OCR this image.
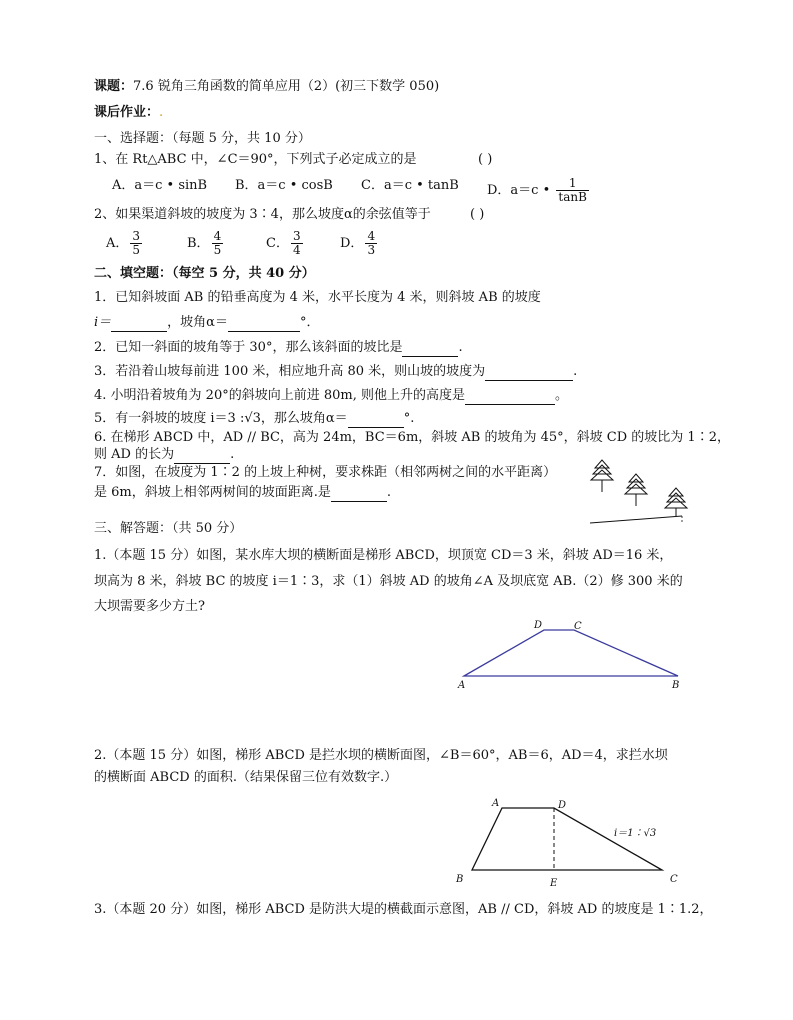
课题：7.6 锐角三角函数的简单应用（2）(初三下数学 050)
课后作业：.
一、选择题：（每题 5 分，共 10 分）
1、在 Rt△ABC 中，∠C＝90°，下列式子必定成立的是	( )
A．a＝c • sinB B．a＝c • cosB C．a＝c • tanB D．a＝c • $\frac{1}{\tan B}$
2、如果渠道斜坡的坡度为 3∶4，那么坡度α的余弦值等于	( )
A． $\frac{3}{5}$	B． $\frac{4}{5}$	C． $\frac{3}{4}$	D． $\frac{4}{3}$
二、填空题：（每空 5 分，共 40 分）
1．已知斜坡面 AB 的铅垂高度为 4 米，水平长度为 4 米，则斜坡 AB 的坡度
i＝	，坡角α＝	°．
2．已知一斜面的坡角等于 30°，那么该斜面的坡比是	.
3．若沿着山坡每前进 100 米，相应地升高 80 米，则山坡的坡度为	.
4. 小明沿着坡角为 20°的斜坡向上前进 80m, 则他上升的高度是	。
5．有一斜坡的坡度 i＝3 :√3，那么坡角α＝	°.
6. 在梯形 ABCD 中，AD // BC，高为 24m，BC＝6m，斜坡 AB 的坡角为 45°，斜坡 CD 的坡比为 1∶2，
则 AD 的长为	.
7．如图，在坡度为 1∶2 的上坡上种树，要求株距（相邻两树之间的水平距离）
是 6m，斜坡上相邻两树间的坡面距离.是	.
三、解答题：（共 50 分）
1.（本题 15 分）如图，某水库大坝的横断面是梯形 ABCD，坝顶宽 CD＝3 米，斜坡 AD＝16 米，
坝高为 8 米，斜坡 BC 的坡度 i＝1∶3，求（1）斜坡 AD 的坡角∠A 及坝底宽 AB.（2）修 300 米的
大坝需要多少方土?
A	B
D	C
2.（本题 15 分）如图，梯形 ABCD 是拦水坝的横断面图，∠B＝60°，AB＝6，AD＝4，求拦水坝
的横断面 ABCD 的面积.（结果保留三位有效数字.）
A	D
B	E	C
i＝1∶√3
3.（本题 20 分）如图，梯形 ABCD 是防洪大堤的横截面示意图，AB // CD，斜坡 AD 的坡度是 1∶1.2，
